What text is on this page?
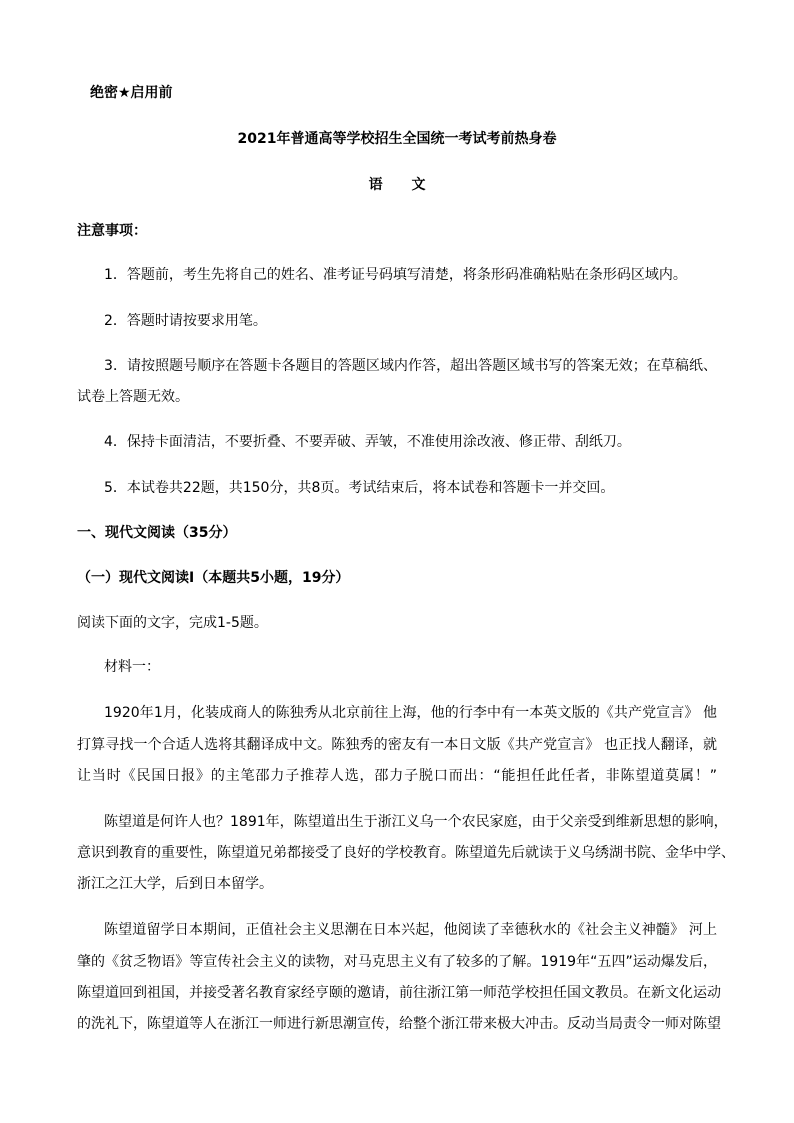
绝密★启用前
2021年普通高等学校招生全国统一考试考前热身卷
语 文
注意事项：
1．答题前，考生先将自己的姓名、准考证号码填写清楚，将条形码准确粘贴在条形码区域内。
2．答题时请按要求用笔。
3．请按照题号顺序在答题卡各题目的答题区域内作答，超出答题区域书写的答案无效；在草稿纸、
试卷上答题无效。
4．保持卡面清洁，不要折叠、不要弄破、弄皱，不准使用涂改液、修正带、刮纸刀。
5．本试卷共22题，共150分，共8页。考试结束后，将本试卷和答题卡一并交回。
一、现代文阅读（35分）
（一）现代文阅读Ⅰ（本题共5小题，19分）
阅读下面的文字，完成1-5题。
材料一：
1920年1月，化装成商人的陈独秀从北京前往上海，他的行李中有一本英文版的《共产党宣言》 他
打算寻找一个合适人选将其翻译成中文。陈独秀的密友有一本日文版《共产党宣言》 也正找人翻译，就
让当时《民国日报》的主笔邵力子推荐人选，邵力子脱口而出：“能担任此任者，非陈望道莫属！”
陈望道是何许人也？1891年，陈望道出生于浙江义乌一个农民家庭，由于父亲受到维新思想的影响，
意识到教育的重要性，陈望道兄弟都接受了良好的学校教育。陈望道先后就读于义乌绣湖书院、金华中学、
浙江之江大学，后到日本留学。
陈望道留学日本期间，正值社会主义思潮在日本兴起，他阅读了幸德秋水的《社会主义神髓》 河上
肇的《贫乏物语》等宣传社会主义的读物，对马克思主义有了较多的了解。1919年“五四”运动爆发后，
陈望道回到祖国，并接受著名教育家经亨颐的邀请，前往浙江第一师范学校担任国文教员。在新文化运动
的洗礼下，陈望道等人在浙江一师进行新思潮宣传，给整个浙江带来极大冲击。反动当局责令一师对陈望
